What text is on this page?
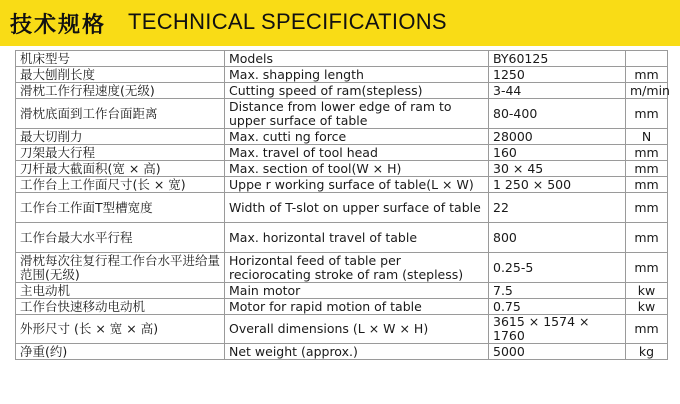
技术规格 TECHNICAL SPECIFICATIONS
机床型号	Models	BY60125	
最大刨削长度	Max. shapping length	1250	mm
滑枕工作行程速度(无级)	Cutting speed of ram(stepless)	3-44	m/min
滑枕底面到工作台面距离	Distance from lower edge of ram to upper surface of table	80-400	mm
最大切削力	Max. cutti ng force	28000	N
刀架最大行程	Max. travel of tool head	160	mm
刀杆最大截面积(宽 × 高)	Max. section of tool(W × H)	30 × 45	mm
工作台上工作面尺寸(长 × 宽)	Uppe r working surface of table(L × W)	1 250 × 500	mm
工作台工作面T型槽宽度	Width of T-slot on upper surface of table	22	mm
工作台最大水平行程	Max. horizontal travel of table	800	mm
滑枕每次往复行程工作台水平进给量范围(无级)	Horizontal feed of table per reciorocating stroke of ram (stepless)	0.25-5	mm
主电动机	Main motor	7.5	kw
工作台快速移动电动机	Motor for rapid motion of table	0.75	kw
外形尺寸 (长 × 宽 × 高)	Overall dimensions (L × W × H)	3615 × 1574 × 1760	mm
净重(约)	Net weight (approx.)	5000	kg
